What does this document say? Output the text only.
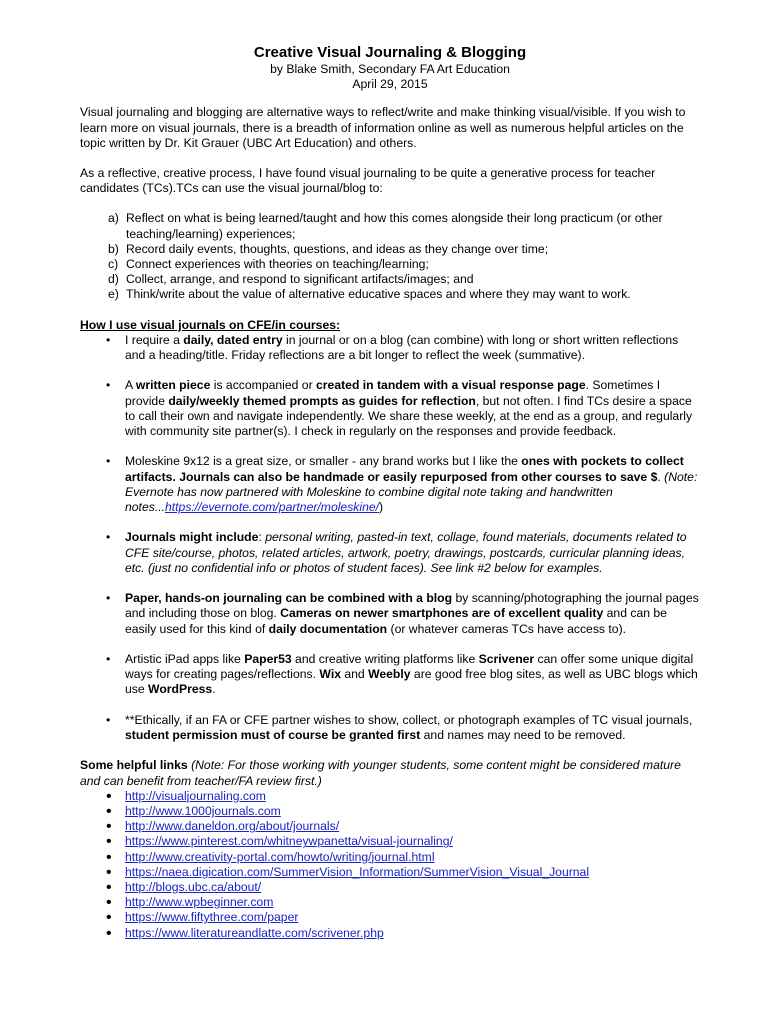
Creative Visual Journaling & Blogging
by Blake Smith, Secondary FA Art Education
April 29, 2015

Visual journaling and blogging are alternative ways to reflect/write and make thinking visual/visible. If you wish to learn more on visual journals, there is a breadth of information online as well as numerous helpful articles on the topic written by Dr. Kit Grauer (UBC Art Education) and others.

As a reflective, creative process, I have found visual journaling to be quite a generative process for teacher candidates (TCs).TCs can use the visual journal/blog to:

a) Reflect on what is being learned/taught and how this comes alongside their long practicum (or other teaching/learning) experiences;
b) Record daily events, thoughts, questions, and ideas as they change over time;
c) Connect experiences with theories on teaching/learning;
d) Collect, arrange, and respond to significant artifacts/images; and
e) Think/write about the value of alternative educative spaces and where they may want to work.
How I use visual journals on CFE/in courses:
• I require a daily, dated entry in journal or on a blog (can combine) with long or short written reflections and a heading/title. Friday reflections are a bit longer to reflect the week (summative).
• A written piece is accompanied or created in tandem with a visual response page. Sometimes I provide daily/weekly themed prompts as guides for reflection, but not often. I find TCs desire a space to call their own and navigate independently. We share these weekly, at the end as a group, and regularly with community site partner(s). I check in regularly on the responses and provide feedback.
• Moleskine 9x12 is a great size, or smaller - any brand works but I like the ones with pockets to collect artifacts. Journals can also be handmade or easily repurposed from other courses to save $. (Note: Evernote has now partnered with Moleskine to combine digital note taking and handwritten notes...https://evernote.com/partner/moleskine/)
• Journals might include: personal writing, pasted-in text, collage, found materials, documents related to CFE site/course, photos, related articles, artwork, poetry, drawings, postcards, curricular planning ideas, etc. (just no confidential info or photos of student faces). See link #2 below for examples.
• Paper, hands-on journaling can be combined with a blog by scanning/photographing the journal pages and including those on blog. Cameras on newer smartphones are of excellent quality and can be easily used for this kind of daily documentation (or whatever cameras TCs have access to).
• Artistic iPad apps like Paper53 and creative writing platforms like Scrivener can offer some unique digital ways for creating pages/reflections. Wix and Weebly are good free blog sites, as well as UBC blogs which use WordPress.
• **Ethically, if an FA or CFE partner wishes to show, collect, or photograph examples of TC visual journals, student permission must of course be granted first and names may need to be removed.

Some helpful links (Note: For those working with younger students, some content might be considered mature and can benefit from teacher/FA review first.)

• http://visualjournaling.com
• http://www.1000journals.com
• http://www.daneldon.org/about/journals/
• https://www.pinterest.com/whitneywpanetta/visual-journaling/
• http://www.creativity-portal.com/howto/writing/journal.html
• https://naea.digication.com/SummerVision_Information/SummerVision_Visual_Journal
• http://blogs.ubc.ca/about/
• http://www.wpbeginner.com
• https://www.fiftythree.com/paper
• https://www.literatureandlatte.com/scrivener.php
